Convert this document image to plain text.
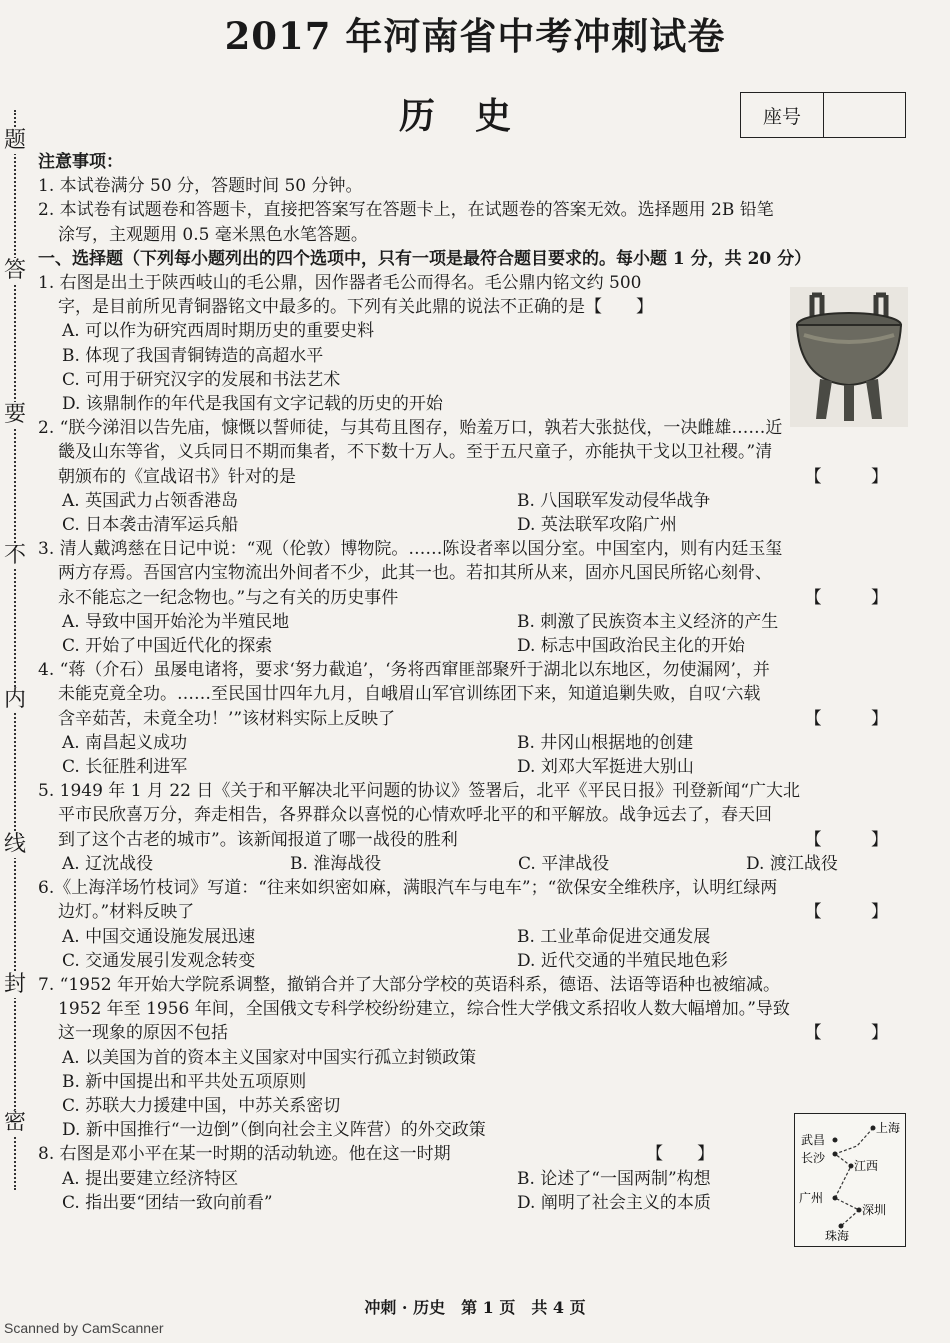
题
答
要
不
内
线
封
密
2017 年河南省中考冲刺试卷
历史	座号

注意事项：

1. 本试卷满分 50 分，答题时间 50 分钟。

2. 本试卷有试题卷和答题卡，直接把答案写在答题卡上，在试题卷的答案无效。选择题用 2B 铅笔

涂写，主观题用 0.5 毫米黑色水笔答题。

一、选择题（下列每小题列出的四个选项中，只有一项是最符合题目要求的。每小题 1 分，共 20 分）

1. 右图是出土于陕西岐山的毛公鼎，因作器者毛公而得名。毛公鼎内铭文约 500

字，是目前所见青铜器铭文中最多的。下列有关此鼎的说法不正确的是【　　】

A. 可以作为研究西周时期历史的重要史料

B. 体现了我国青铜铸造的高超水平

C. 可用于研究汉字的发展和书法艺术

D. 该鼎制作的年代是我国有文字记载的历史的开始

2. “朕今涕泪以告先庙，慷慨以誓师徒，与其苟且图存，贻羞万口，孰若大张挞伐，一决雌雄……近

畿及山东等省，义兵同日不期而集者，不下数十万人。至于五尺童子，亦能执干戈以卫社稷。”清

朝颁布的《宣战诏书》针对的是	【 】

A. 英国武力占领香港岛	B. 八国联军发动侵华战争
C. 日本袭击清军运兵船	D. 英法联军攻陷广州

3. 清人戴鸿慈在日记中说：“观（伦敦）博物院。……陈设者率以国分室。中国室内，则有内廷玉玺

两方存焉。吾国宫内宝物流出外间者不少，此其一也。若扣其所从来，固亦凡国民所铭心刻骨、

永不能忘之一纪念物也。”与之有关的历史事件	【 】

A. 导致中国开始沦为半殖民地	B. 刺激了民族资本主义经济的产生
C. 开始了中国近代化的探索	D. 标志中国政治民主化的开始

4. “蒋（介石）虽屡电诸将，要求‘努力截追’，‘务将西窜匪部聚歼于湖北以东地区，勿使漏网’，并

未能克竟全功。……至民国廿四年九月，自峨眉山军官训练团下来，知道追剿失败，自叹‘六载

含辛茹苦，未竟全功！’”该材料实际上反映了	【 】

A. 南昌起义成功	B. 井冈山根据地的创建
C. 长征胜利进军	D. 刘邓大军挺进大别山

5. 1949 年 1 月 22 日《关于和平解决北平问题的协议》签署后，北平《平民日报》刊登新闻“广大北

平市民欣喜万分，奔走相告，各界群众以喜悦的心情欢呼北平的和平解放。战争远去了，春天回

到了这个古老的城市”。该新闻报道了哪一战役的胜利	【 】

A. 辽沈战役	B. 淮海战役	C. 平津战役	D. 渡江战役

6.《上海洋场竹枝词》写道：“往来如织密如麻，满眼汽车与电车”；“欲保安全维秩序，认明红绿两

边灯。”材料反映了	【 】

A. 中国交通设施发展迅速	B. 工业革命促进交通发展
C. 交通发展引发观念转变	D. 近代交通的半殖民地色彩

7. “1952 年开始大学院系调整，撤销合并了大部分学校的英语科系，德语、法语等语种也被缩减。

1952 年至 1956 年间，全国俄文专科学校纷纷建立，综合性大学俄文系招收人数大幅增加。”导致

这一现象的原因不包括	【 】

A. 以美国为首的资本主义国家对中国实行孤立封锁政策

B. 新中国提出和平共处五项原则

C. 苏联大力援建中国，中苏关系密切

D. 新中国推行“一边倒”（倒向社会主义阵营）的外交政策

8. 右图是邓小平在某一时期的活动轨迹。他在这一时期　　　　　　　　　　　　【　　】

A. 提出要建立经济特区	B. 论述了“一国两制”构想
C. 指出要“团结一致向前看”	D. 阐明了社会主义的本质
上海
武昌
长沙
江西
广州
深圳
珠海
冲刺 · 历史　第 1 页　共 4 页
Scanned by CamScanner
